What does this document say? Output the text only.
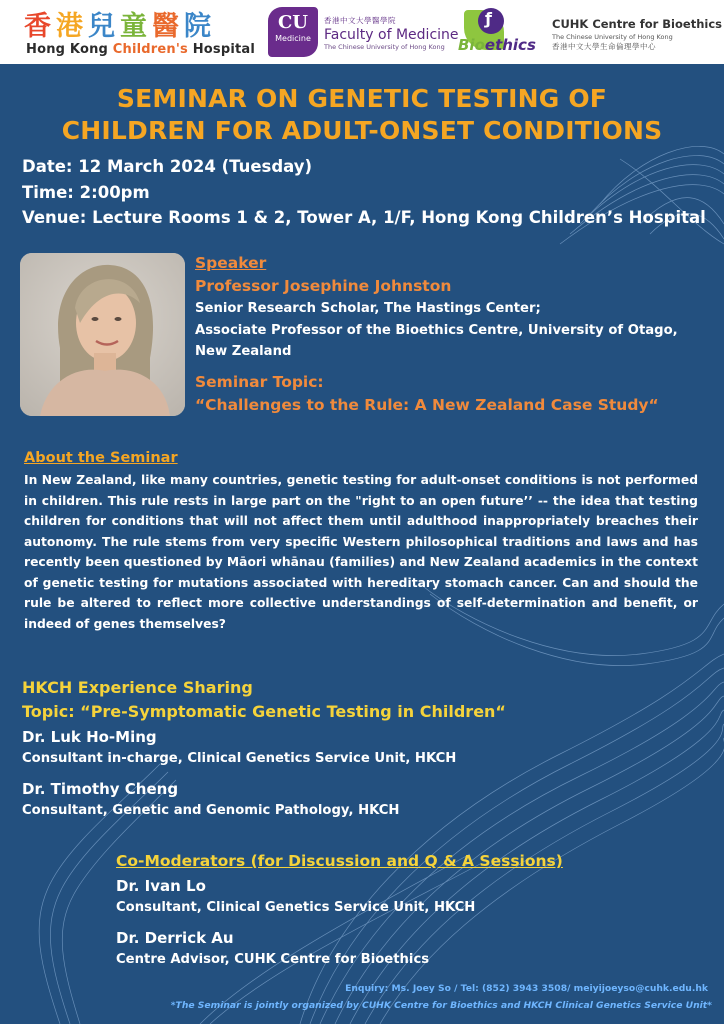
香港兒童醫院
Hong Kong Children's Hospital
CU
Medicine
香港中文大學醫學院
Faculty of Medicine
The Chinese University of Hong Kong
ƒ
Bioethics
CUHK Centre for Bioethics
The Chinese University of Hong Kong
香港中文大學生命倫理學中心
SEMINAR ON GENETIC TESTING OF
CHILDREN FOR ADULT-ONSET CONDITIONS
Date: 12 March 2024 (Tuesday)
Time: 2:00pm
Venue: Lecture Rooms 1 & 2, Tower A, 1/F, Hong Kong Children’s Hospital
Speaker
Professor Josephine Johnston
Senior Research Scholar, The Hastings Center;
Associate Professor of the Bioethics Centre, University of Otago,
New Zealand
Seminar Topic:
“Challenges to the Rule: A New Zealand Case Study“
About the Seminar
In New Zealand, like many countries, genetic testing for adult-onset conditions is not performed in children. This rule rests in large part on the "right to an open future’’ -- the idea that testing children for conditions that will not affect them until adulthood inappropriately breaches their autonomy. The rule stems from very specific Western philosophical traditions and laws and has recently been questioned by Māori whānau (families) and New Zealand academics in the context of genetic testing for mutations associated with hereditary stomach cancer. Can and should the rule be altered to reflect more collective understandings of self-determination and benefit, or indeed of genes themselves?
HKCH Experience Sharing
Topic: “Pre-Symptomatic Genetic Testing in Children“
Dr. Luk Ho-Ming
Consultant in-charge, Clinical Genetics Service Unit, HKCH
Dr. Timothy Cheng
Consultant, Genetic and Genomic Pathology, HKCH
Co-Moderators (for Discussion and Q & A Sessions)
Dr. Ivan Lo
Consultant, Clinical Genetics Service Unit, HKCH
Dr. Derrick Au
Centre Advisor, CUHK Centre for Bioethics
Enquiry: Ms. Joey So / Tel: (852) 3943 3508/ meiyijoeyso@cuhk.edu.hk
*The Seminar is jointly organized by CUHK Centre for Bioethics and HKCH Clinical Genetics Service Unit*
